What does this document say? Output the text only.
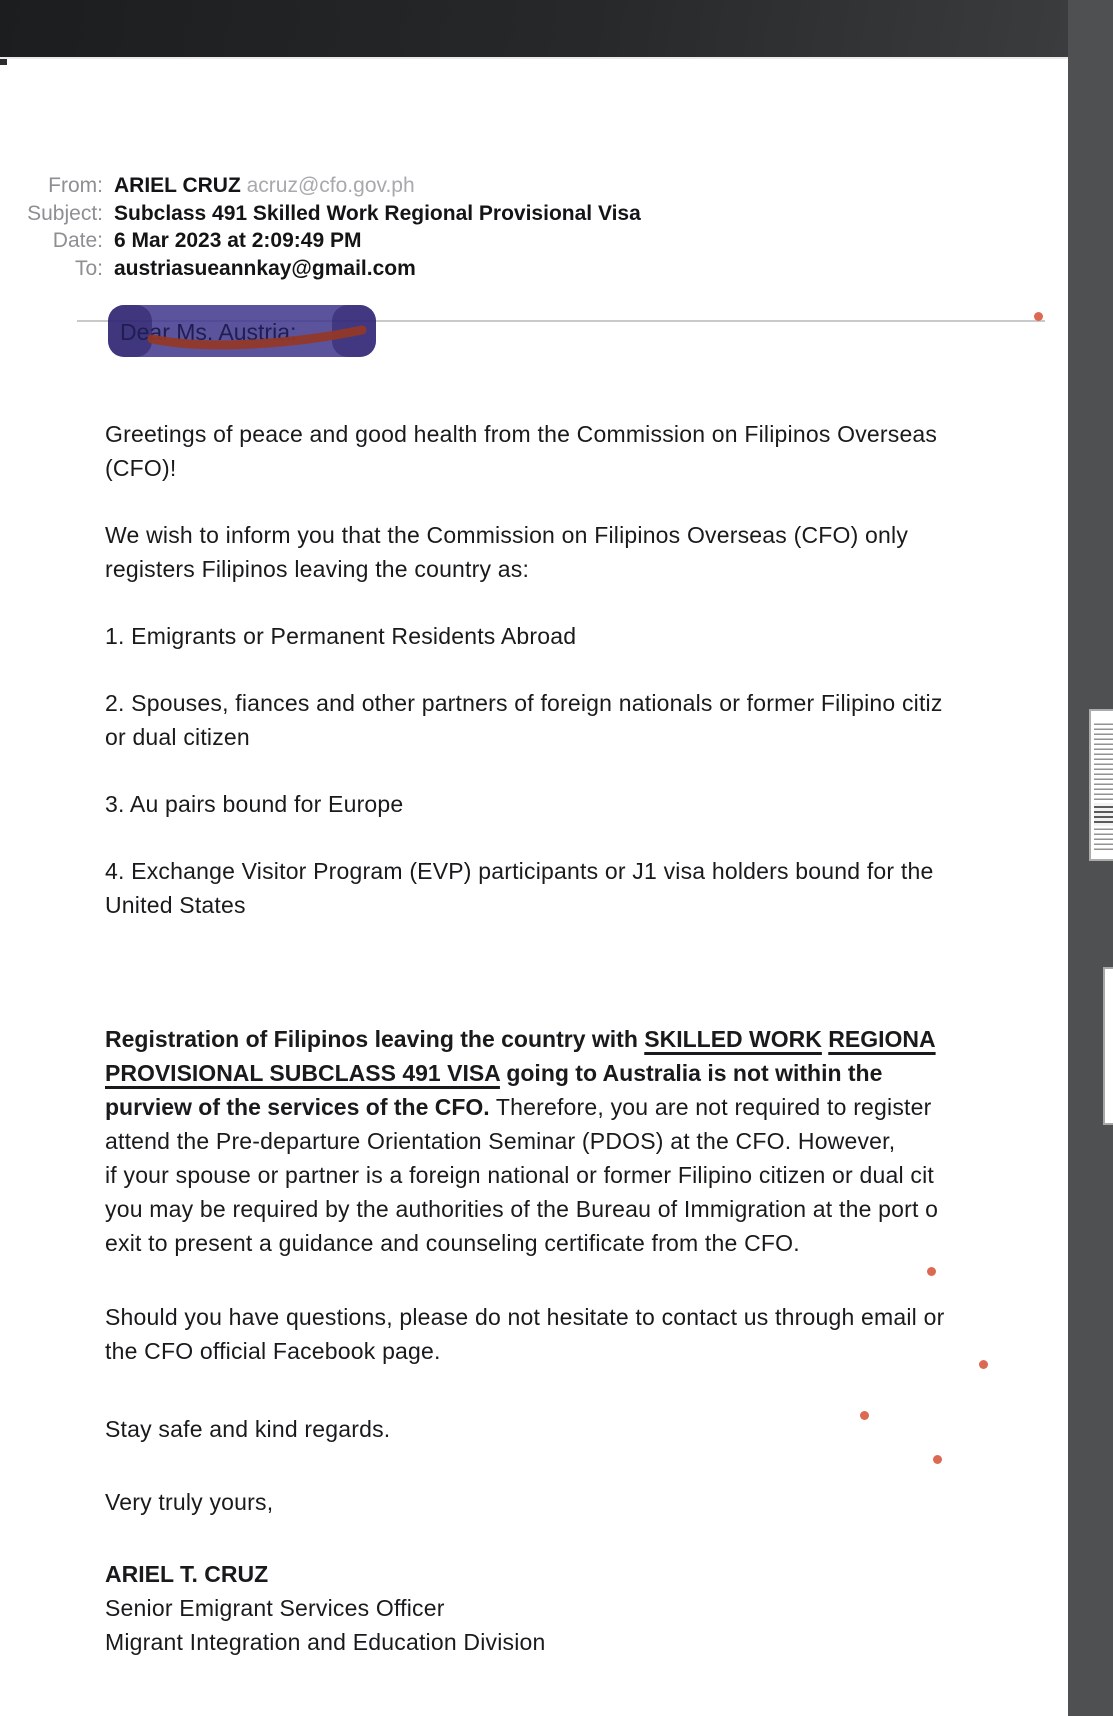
From: ARIEL CRUZ acruz@cfo.gov.ph
Subject: Subclass 491 Skilled Work Regional Provisional Visa
Date: 6 Mar 2023 at 2:09:49 PM
To: austriasueannkay@gmail.com
Dear Ms. Austria:
Greetings of peace and good health from the Commission on Filipinos Overseas
(CFO)!
We wish to inform you that the Commission on Filipinos Overseas (CFO) only
registers Filipinos leaving the country as:
1. Emigrants or Permanent Residents Abroad
2. Spouses, fiances and other partners of foreign nationals or former Filipino citiz
or dual citizen
3. Au pairs bound for Europe
4. Exchange Visitor Program (EVP) participants or J1 visa holders bound for the
United States
Registration of Filipinos leaving the country with SKILLED WORK REGIONA
PROVISIONAL SUBCLASS 491 VISA going to Australia is not within the
purview of the services of the CFO. Therefore, you are not required to register
attend the Pre-departure Orientation Seminar (PDOS) at the CFO. However,
if your spouse or partner is a foreign national or former Filipino citizen or dual cit
you may be required by the authorities of the Bureau of Immigration at the port o
exit to present a guidance and counseling certificate from the CFO.
Should you have questions, please do not hesitate to contact us through email or
the CFO official Facebook page.
Stay safe and kind regards.
Very truly yours,
ARIEL T. CRUZ
Senior Emigrant Services Officer
Migrant Integration and Education Division
